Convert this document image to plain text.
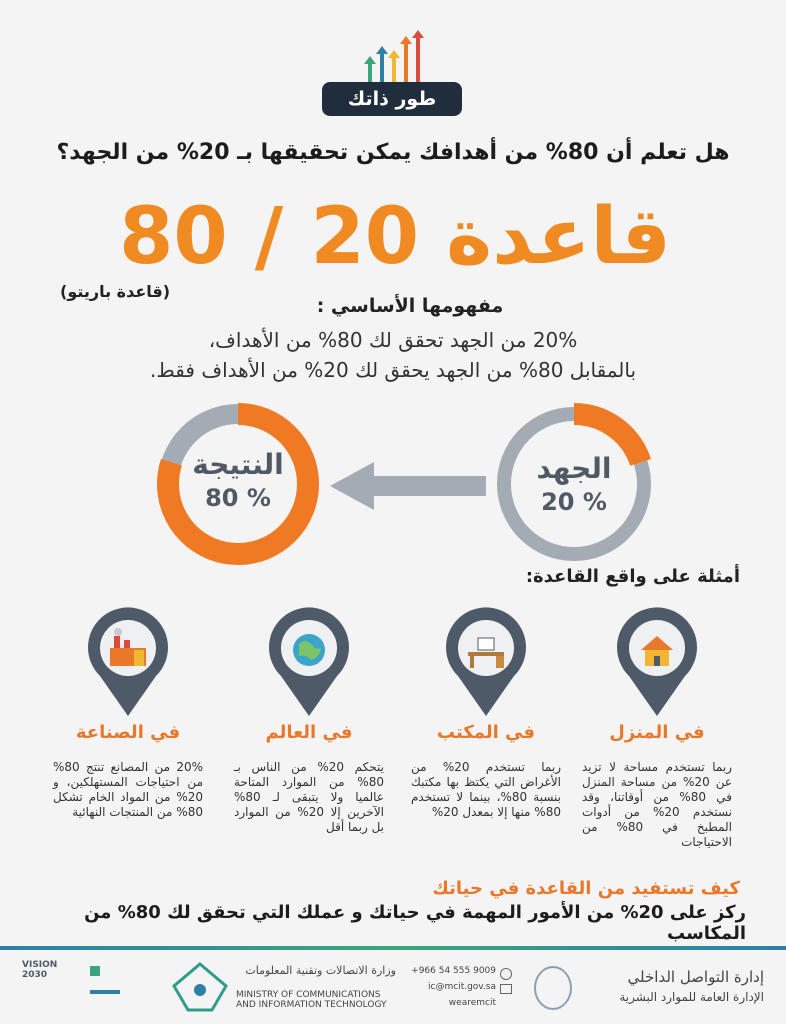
طور ذاتك
هل تعلم أن 80% من أهدافك يمكن تحقيقها بـ 20% من الجهد؟
قاعدة 20 / 80
(قاعدة باريتو)
مفهومها الأساسي :
20% من الجهد تحقق لك 80% من الأهداف،
بالمقابل 80% من الجهد يحقق لك 20% من الأهداف فقط.
النتيجة
80 %
الجهد
20 %
أمثلة على واقع القاعدة:
في المنزل
في المكتب
في العالم
في الصناعة
ربما تستخدم مساحة لا تزيد عن 20% من مساحة المنزل في 80% من أوقاتنا، وقد نستخدم 20% من أدوات المطبخ في 80% من الاحتياجات
ربما تستخدم 20% من الأغراض التي يكتظ بها مكتبك بنسبة 80%، بينما لا تستخدم 80% منها إلا بمعدل 20%
يتحكم 20% من الناس بـ 80% من الموارد المتاحة عالميا ولا يتبقى لـ 80% الآخرين إلا 20% من الموارد بل ربما أقل
20% من المصانع تنتج 80% من احتياجات المستهلكين، و 20% من المواد الخام تشكل 80% من المنتجات النهائية
كيف تستفيد من القاعدة في حياتك
ركز على 20% من الأمور المهمة في حياتك و عملك التي تحقق لك 80% من المكاسب
إدارة التواصل الداخلي
الإدارة العامة للموارد البشرية
+966 54 555 9009
ic@mcit.gov.sa
wearemcit
وزارة الاتصالات وتقنية المعلومات
MINISTRY OF COMMUNICATIONS
AND INFORMATION TECHNOLOGY
VISION 2030
